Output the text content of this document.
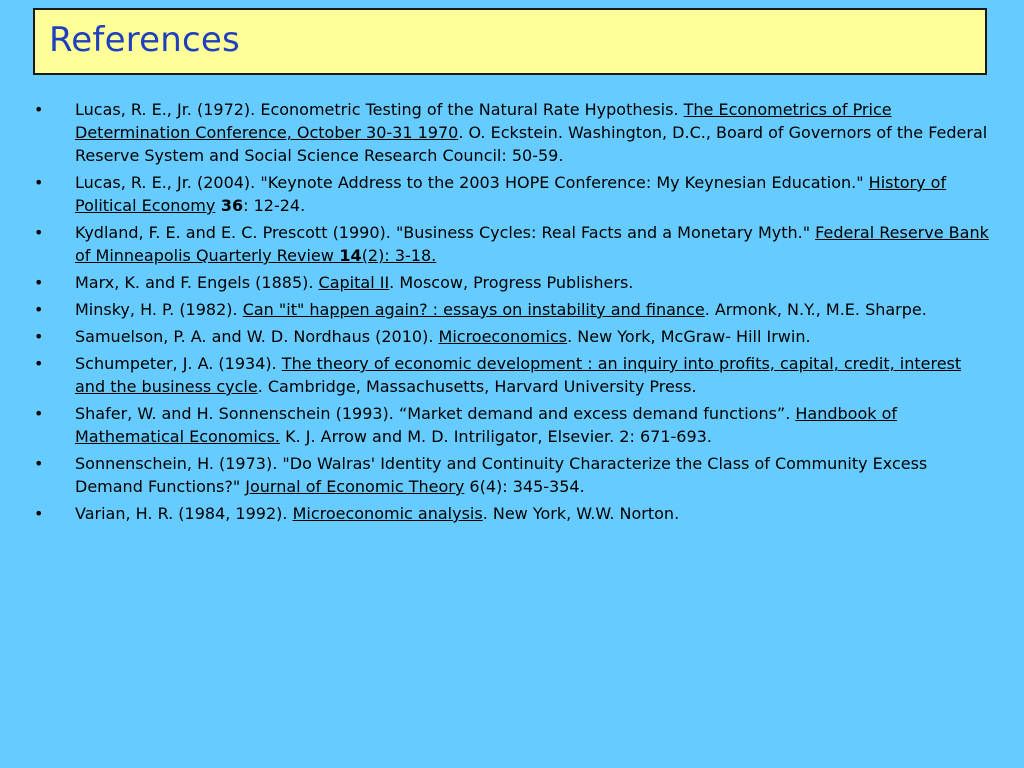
References
• Lucas, R. E., Jr. (1972). Econometric Testing of the Natural Rate Hypothesis. The Econometrics of Price Determination Conference, October 30-31 1970. O. Eckstein. Washington, D.C., Board of Governors of the Federal Reserve System and Social Science Research Council: 50-59.
• Lucas, R. E., Jr. (2004). "Keynote Address to the 2003 HOPE Conference: My Keynesian Education." History of Political Economy 36: 12-24.
• Kydland, F. E. and E. C. Prescott (1990). "Business Cycles: Real Facts and a Monetary Myth." Federal Reserve Bank of Minneapolis Quarterly Review 14(2): 3-18.
• Marx, K. and F. Engels (1885). Capital II. Moscow, Progress Publishers.
• Minsky, H. P. (1982). Can "it" happen again? : essays on instability and finance. Armonk, N.Y., M.E. Sharpe.
• Samuelson, P. A. and W. D. Nordhaus (2010). Microeconomics. New York, McGraw- Hill Irwin.
• Schumpeter, J. A. (1934). The theory of economic development : an inquiry into profits, capital, credit, interest and the business cycle. Cambridge, Massachusetts, Harvard University Press.
• Shafer, W. and H. Sonnenschein (1993). “Market demand and excess demand functions”. Handbook of Mathematical Economics. K. J. Arrow and M. D. Intriligator, Elsevier. 2: 671-693.
• Sonnenschein, H. (1973). "Do Walras' Identity and Continuity Characterize the Class of Community Excess Demand Functions?" Journal of Economic Theory 6(4): 345-354.
• Varian, H. R. (1984, 1992). Microeconomic analysis. New York, W.W. Norton.
